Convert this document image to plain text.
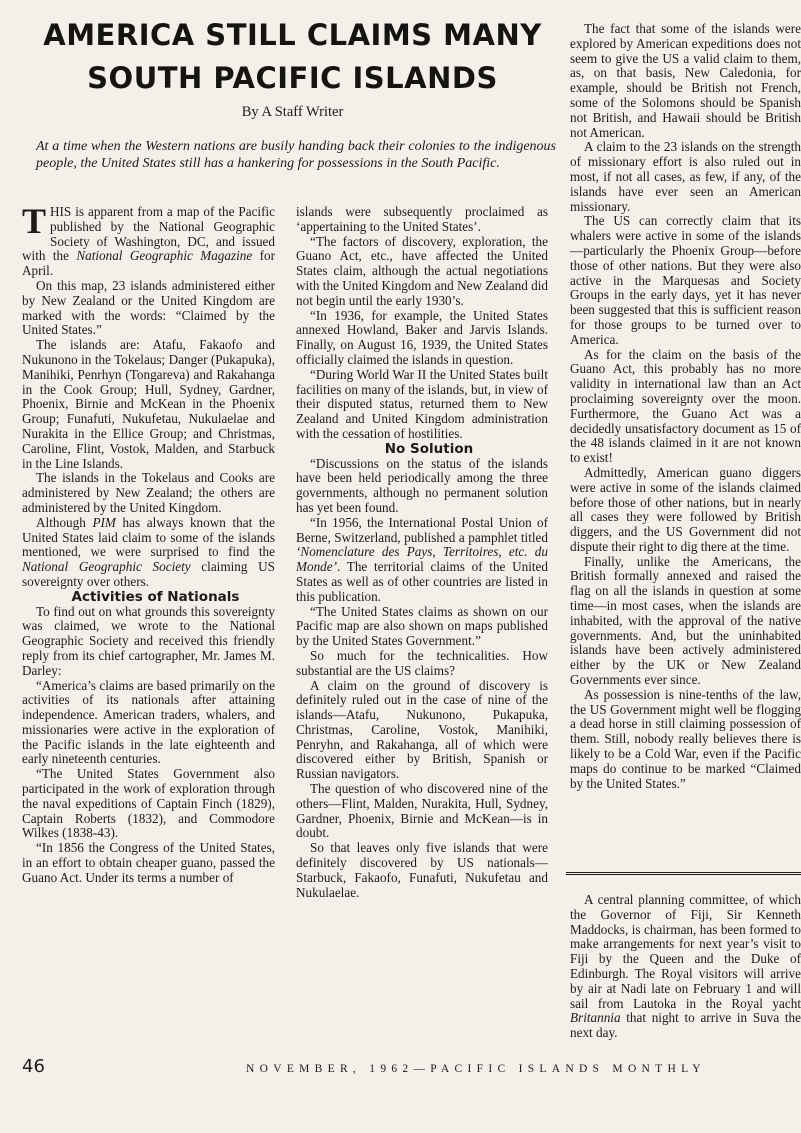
AMERICA STILL CLAIMS MANY
SOUTH PACIFIC ISLANDS
By A Staff Writer
At a time when the Western nations are busily handing back their colonies to the indigenous people, the United States still has a hankering for possessions in the South Pacific.

THIS is apparent from a map of the Pacific published by the National Geographic Society of Washington, DC, and issued with the National Geographic Magazine for April.

On this map, 23 islands administered either by New Zealand or the United Kingdom are marked with the words: “Claimed by the United States.”

The islands are: Atafu, Fakaofo and Nukunono in the Tokelaus; Danger (Pukapuka), Manihiki, Penrhyn (Tongareva) and Rakahanga in the Cook Group; Hull, Sydney, Gardner, Phoenix, Birnie and McKean in the Phoenix Group; Funafuti, Nukufetau, Nukulaelae and Nurakita in the Ellice Group; and Christmas, Caroline, Flint, Vostok, Malden, and Starbuck in the Line Islands.

The islands in the Tokelaus and Cooks are administered by New Zealand; the others are administered by the United Kingdom.

Although PIM has always known that the United States laid claim to some of the islands mentioned, we were surprised to find the National Geographic Society claiming US sovereignty over others.

Activities of Nationals

To find out on what grounds this sovereignty was claimed, we wrote to the National Geographic Society and received this friendly reply from its chief cartographer, Mr. James M. Darley:

“America’s claims are based primarily on the activities of its nationals after attaining independence. American traders, whalers, and missionaries were active in the exploration of the Pacific islands in the late eighteenth and early nineteenth centuries.

“The United States Government also participated in the work of exploration through the naval expeditions of Captain Finch (1829), Captain Roberts (1832), and Commodore Wilkes (1838-43).

“In 1856 the Congress of the United States, in an effort to obtain cheaper guano, passed the Guano Act. Under its terms a number of

islands were subsequently proclaimed as ‘appertaining to the United States’.

“The factors of discovery, exploration, the Guano Act, etc., have affected the United States claim, although the actual negotiations with the United Kingdom and New Zealand did not begin until the early 1930’s.

“In 1936, for example, the United States annexed Howland, Baker and Jarvis Islands. Finally, on August 16, 1939, the United States officially claimed the islands in question.

“During World War II the United States built facilities on many of the islands, but, in view of their disputed status, returned them to New Zealand and United Kingdom administration with the cessation of hostilities.

No Solution

“Discussions on the status of the islands have been held periodically among the three governments, although no permanent solution has yet been found.

“In 1956, the International Postal Union of Berne, Switzerland, published a pamphlet titled ‘Nomenclature des Pays, Territoires, etc. du Monde’. The territorial claims of the United States as well as of other countries are listed in this publication.

“The United States claims as shown on our Pacific map are also shown on maps published by the United States Government.”

So much for the technicalities. How substantial are the US claims?

A claim on the ground of discovery is definitely ruled out in the case of nine of the islands—Atafu, Nukunono, Pukapuka, Christmas, Caroline, Vostok, Manihiki, Penryhn, and Rakahanga, all of which were discovered either by British, Spanish or Russian navigators.

The question of who discovered nine of the others—Flint, Malden, Nurakita, Hull, Sydney, Gardner, Phoenix, Birnie and McKean—is in doubt.

So that leaves only five islands that were definitely discovered by US nationals—Starbuck, Fakaofo, Funafuti, Nukufetau and Nukulaelae.

The fact that some of the islands were explored by American expeditions does not seem to give the US a valid claim to them, as, on that basis, New Caledonia, for example, should be British not French, some of the Solomons should be Spanish not British, and Hawaii should be British not American.

A claim to the 23 islands on the strength of missionary effort is also ruled out in most, if not all cases, as few, if any, of the islands have ever seen an American missionary.

The US can correctly claim that its whalers were active in some of the islands—particularly the Phoenix Group—before those of other nations. But they were also active in the Marquesas and Society Groups in the early days, yet it has never been suggested that this is sufficient reason for those groups to be turned over to America.

As for the claim on the basis of the Guano Act, this probably has no more validity in international law than an Act proclaiming sovereignty over the moon. Furthermore, the Guano Act was a decidedly unsatisfactory document as 15 of the 48 islands claimed in it are not known to exist!

Admittedly, American guano diggers were active in some of the islands claimed before those of other nations, but in nearly all cases they were followed by British diggers, and the US Government did not dispute their right to dig there at the time.

Finally, unlike the Americans, the British formally annexed and raised the flag on all the islands in question at some time—in most cases, when the islands are inhabited, with the approval of the native governments. And, but the uninhabited islands have been actively administered either by the UK or New Zealand Governments ever since.

As possession is nine-tenths of the law, the US Government might well be flogging a dead horse in still claiming possession of them. Still, nobody really believes there is likely to be a Cold War, even if the Pacific maps do continue to be marked “Claimed by the United States.”

A central planning committee, of which the Governor of Fiji, Sir Kenneth Maddocks, is chairman, has been formed to make arrangements for next year’s visit to Fiji by the Queen and the Duke of Edinburgh. The Royal visitors will arrive by air at Nadi late on February 1 and will sail from Lautoka in the Royal yacht Britannia that night to arrive in Suva the next day.

46	NOVEMBER, 1962—PACIFIC ISLANDS MONTHLY
